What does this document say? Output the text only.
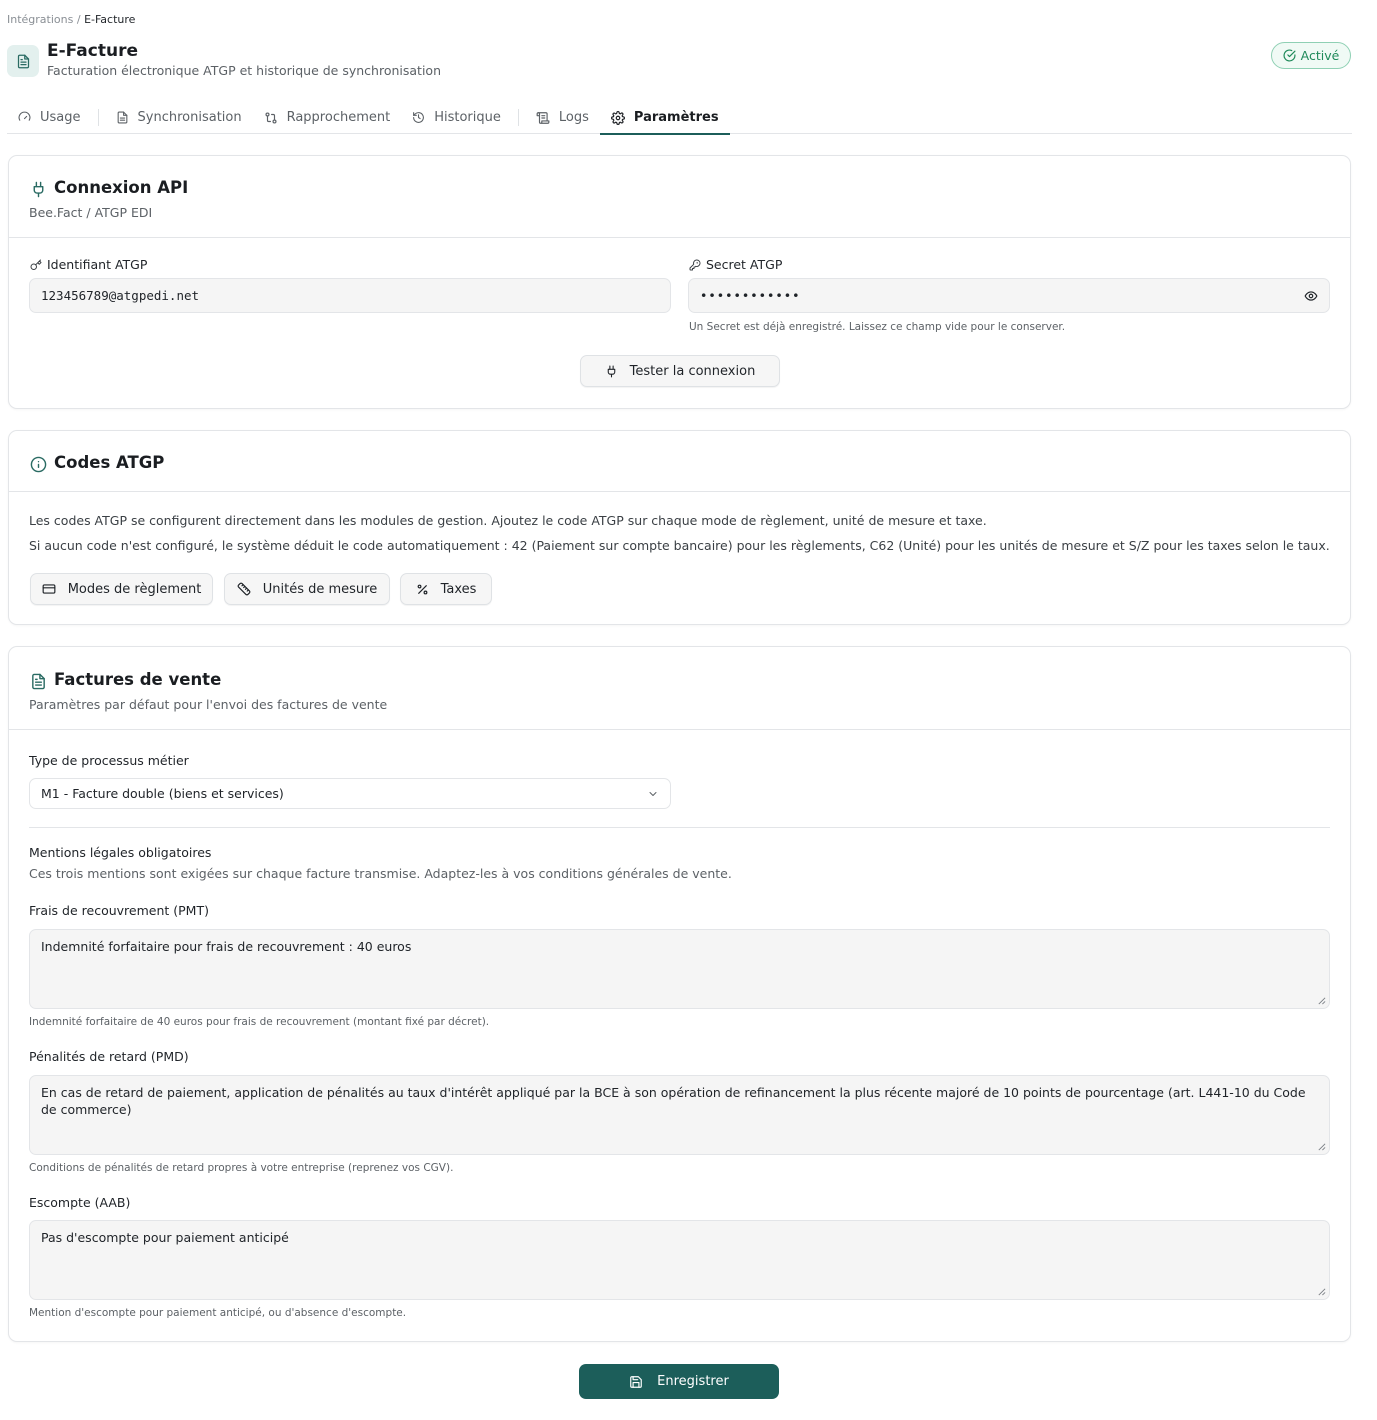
Intégrations / E-Facture
E-Facture
Facturation électronique ATGP et historique de synchronisation
Activé
Usage	Synchronisation	Rapprochement	Historique	Logs	Paramètres
Connexion API
Bee.Fact / ATGP EDI
Identifiant ATGP
123456789@atgpedi.net
Secret ATGP
••••••••••••
Un Secret est déjà enregistré. Laissez ce champ vide pour le conserver.
Tester la connexion
Codes ATGP
Les codes ATGP se configurent directement dans les modules de gestion. Ajoutez le code ATGP sur chaque mode de règlement, unité de mesure et taxe.
Si aucun code n'est configuré, le système déduit le code automatiquement : 42 (Paiement sur compte bancaire) pour les règlements, C62 (Unité) pour les unités de mesure et S/Z pour les taxes selon le taux.
Modes de règlement	Unités de mesure	Taxes
Factures de vente
Paramètres par défaut pour l'envoi des factures de vente
Type de processus métier
M1 - Facture double (biens et services)
Mentions légales obligatoires
Ces trois mentions sont exigées sur chaque facture transmise. Adaptez-les à vos conditions générales de vente.
Frais de recouvrement (PMT)
Indemnité forfaitaire pour frais de recouvrement : 40 euros
Indemnité forfaitaire de 40 euros pour frais de recouvrement (montant fixé par décret).
Pénalités de retard (PMD)
En cas de retard de paiement, application de pénalités au taux d'intérêt appliqué par la BCE à son opération de refinancement la plus récente majoré de 10 points de pourcentage (art. L441-10 du Code de commerce)
Conditions de pénalités de retard propres à votre entreprise (reprenez vos CGV).
Escompte (AAB)
Pas d'escompte pour paiement anticipé
Mention d'escompte pour paiement anticipé, ou d'absence d'escompte.
Enregistrer
